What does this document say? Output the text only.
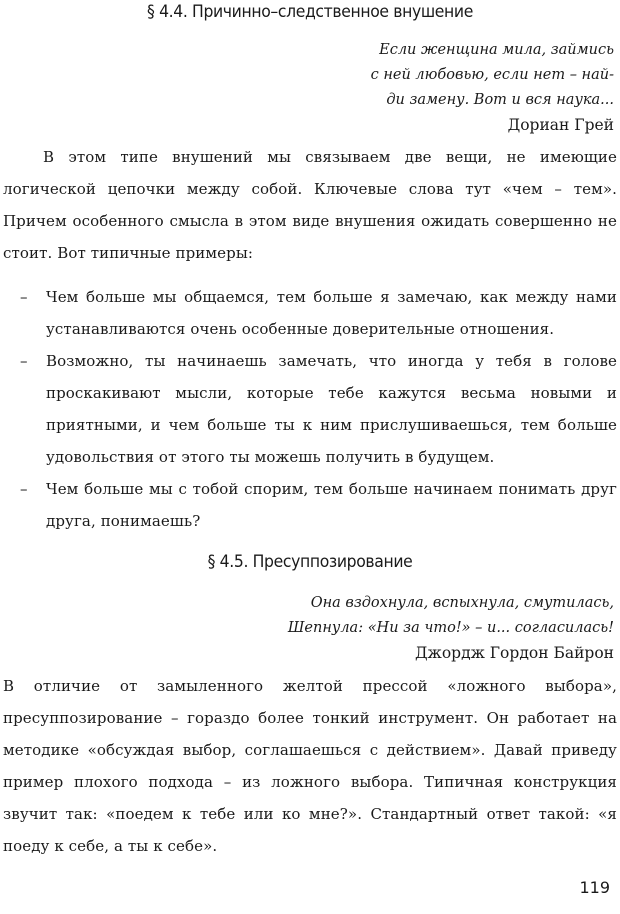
§ 4.4. Причинно–следственное внушение
Если женщина мила, займись
с ней любовью, если нет – най-
ди замену. Вот и вся наука...
Дориан Грей

В этом типе внушений мы связываем две вещи, не имеющие логической цепочки между собой. Ключевые слова тут «чем – тем». Причем особенного смысла в этом виде внушения ожидать совершенно не стоит. Вот типичные примеры:

– Чем больше мы общаемся, тем больше я замечаю, как между нами устанавливаются очень особенные доверительные отношения.
– Возможно, ты начинаешь замечать, что иногда у тебя в голове проскакивают мысли, которые тебе кажутся весьма новыми и приятными, и чем больше ты к ним прислушиваешься, тем больше удовольствия от этого ты можешь получить в будущем.
– Чем больше мы с тобой спорим, тем больше начинаем понимать друг друга, понимаешь?
§ 4.5. Пресуппозирование
Она вздохнула, вспыхнула, смутилась,
Шепнула: «Ни за что!» – и... согласилась!
Джордж Гордон Байрон

В отличие от замыленного желтой прессой «ложного выбора», пресуппозирование – гораздо более тонкий инструмент. Он работает на методике «обсуждая выбор, соглашаешься с действием». Давай приведу пример плохого подхода – из ложного выбора. Типичная конструкция звучит так: «поедем к тебе или ко мне?». Стандартный ответ такой: «я поеду к себе, а ты к себе».

119
